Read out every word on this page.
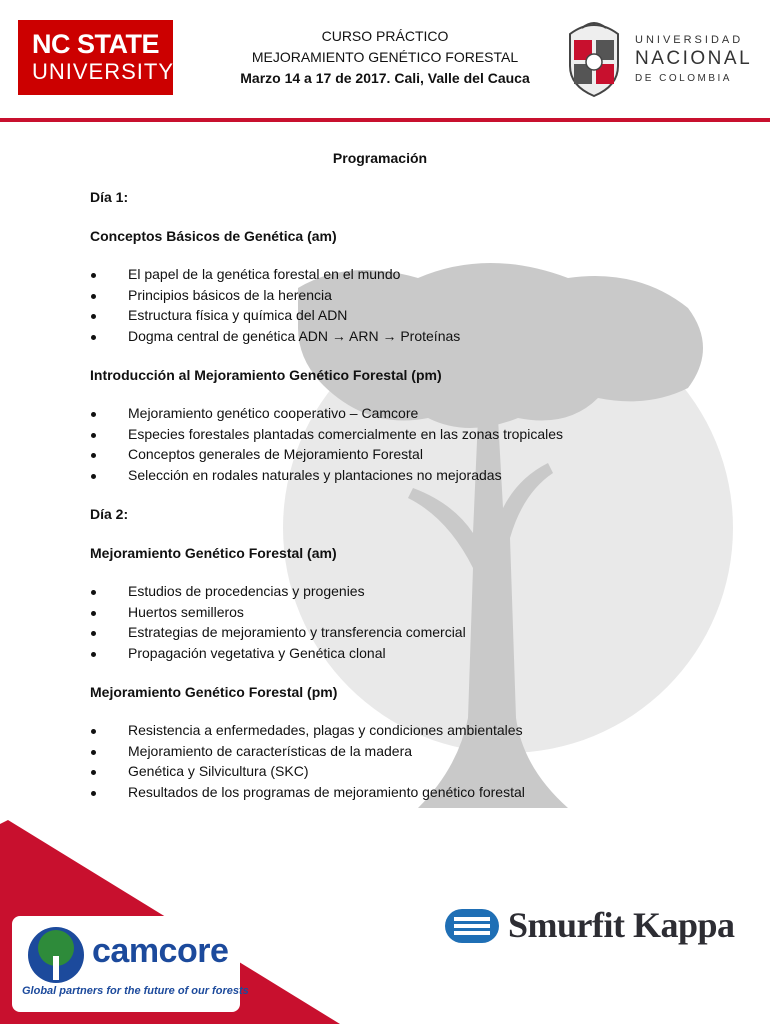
NC STATE
UNIVERSITY
CURSO PRÁCTICO
MEJORAMIENTO GENÉTICO FORESTAL
Marzo 14 a 17 de 2017. Cali, Valle del Cauca
UNIVERSIDAD
NACIONAL
DE COLOMBIA
Programación
Día 1:
Conceptos Básicos de Genética (am)
El papel de la genética forestal en el mundo
Principios básicos de la herencia
Estructura física y química del ADN
Dogma central de genética ADN → ARN → Proteínas
Introducción al Mejoramiento Genético Forestal (pm)
Mejoramiento genético cooperativo – Camcore
Especies forestales plantadas comercialmente en las zonas tropicales
Conceptos generales de Mejoramiento Forestal
Selección en rodales naturales y plantaciones no mejoradas
Día 2:
Mejoramiento Genético Forestal (am)
Estudios de procedencias y progenies
Huertos semilleros
Estrategias de mejoramiento y transferencia comercial
Propagación vegetativa y Genética clonal
Mejoramiento Genético Forestal (pm)
Resistencia a enfermedades, plagas y condiciones ambientales
Mejoramiento de características de la madera
Genética y Silvicultura (SKC)
Resultados de los programas de mejoramiento genético forestal
camcore
Global partners for the future of our forests
Smurfit Kappa
